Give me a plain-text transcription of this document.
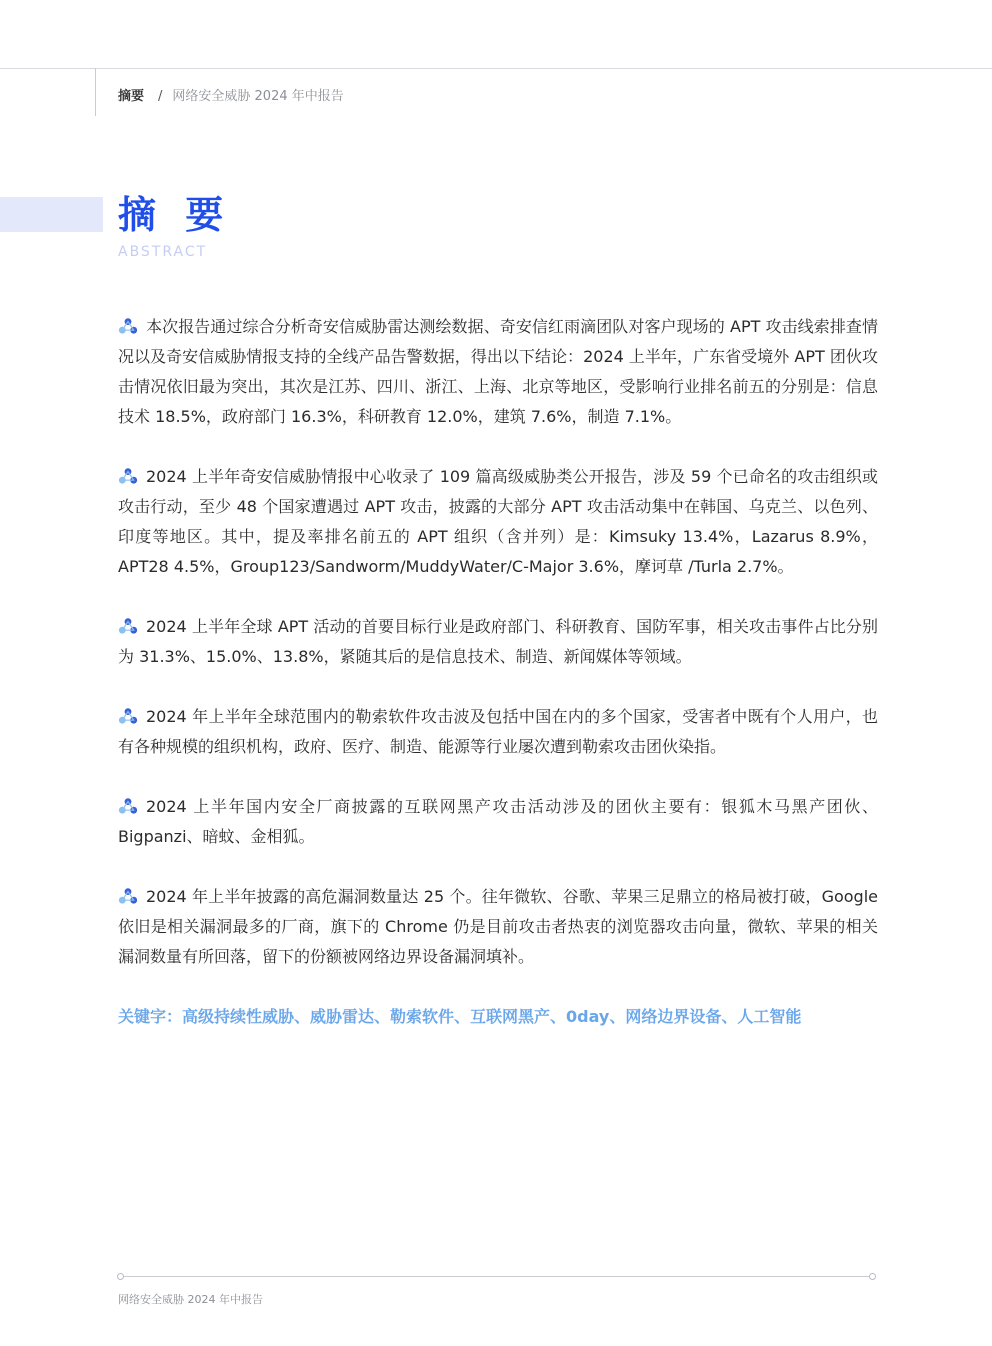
摘要 / 网络安全威胁 2024 年中报告
摘 要
ABSTRACT

本次报告通过综合分析奇安信威胁雷达测绘数据、奇安信红雨滴团队对客户现场的 APT 攻击线索排查情况以及奇安信威胁情报支持的全线产品告警数据，得出以下结论：2024 上半年，广东省受境外 APT 团伙攻击情况依旧最为突出，其次是江苏、四川、浙江、上海、北京等地区，受影响行业排名前五的分别是：信息技术 18.5%，政府部门 16.3%，科研教育 12.0%，建筑 7.6%，制造 7.1%。

2024 上半年奇安信威胁情报中心收录了 109 篇高级威胁类公开报告，涉及 59 个已命名的攻击组织或攻击行动，至少 48 个国家遭遇过 APT 攻击，披露的大部分 APT 攻击活动集中在韩国、乌克兰、以色列、印度等地区。其中，提及率排名前五的 APT 组织（含并列）是：Kimsuky 13.4%，Lazarus 8.9%，APT28 4.5%，Group123/Sandworm/MuddyWater/C-Major 3.6%，摩诃草 /Turla 2.7%。

2024 上半年全球 APT 活动的首要目标行业是政府部门、科研教育、国防军事，相关攻击事件占比分别为 31.3%、15.0%、13.8%，紧随其后的是信息技术、制造、新闻媒体等领域。

2024 年上半年全球范围内的勒索软件攻击波及包括中国在内的多个国家，受害者中既有个人用户，也有各种规模的组织机构，政府、医疗、制造、能源等行业屡次遭到勒索攻击团伙染指。

2024 上半年国内安全厂商披露的互联网黑产攻击活动涉及的团伙主要有：银狐木马黑产团伙、Bigpanzi、暗蚊、金相狐。

2024 年上半年披露的高危漏洞数量达 25 个。往年微软、谷歌、苹果三足鼎立的格局被打破，Google 依旧是相关漏洞最多的厂商，旗下的 Chrome 仍是目前攻击者热衷的浏览器攻击向量，微软、苹果的相关漏洞数量有所回落，留下的份额被网络边界设备漏洞填补。

关键字：高级持续性威胁、威胁雷达、勒索软件、互联网黑产、0day、网络边界设备、人工智能
网络安全威胁 2024 年中报告
